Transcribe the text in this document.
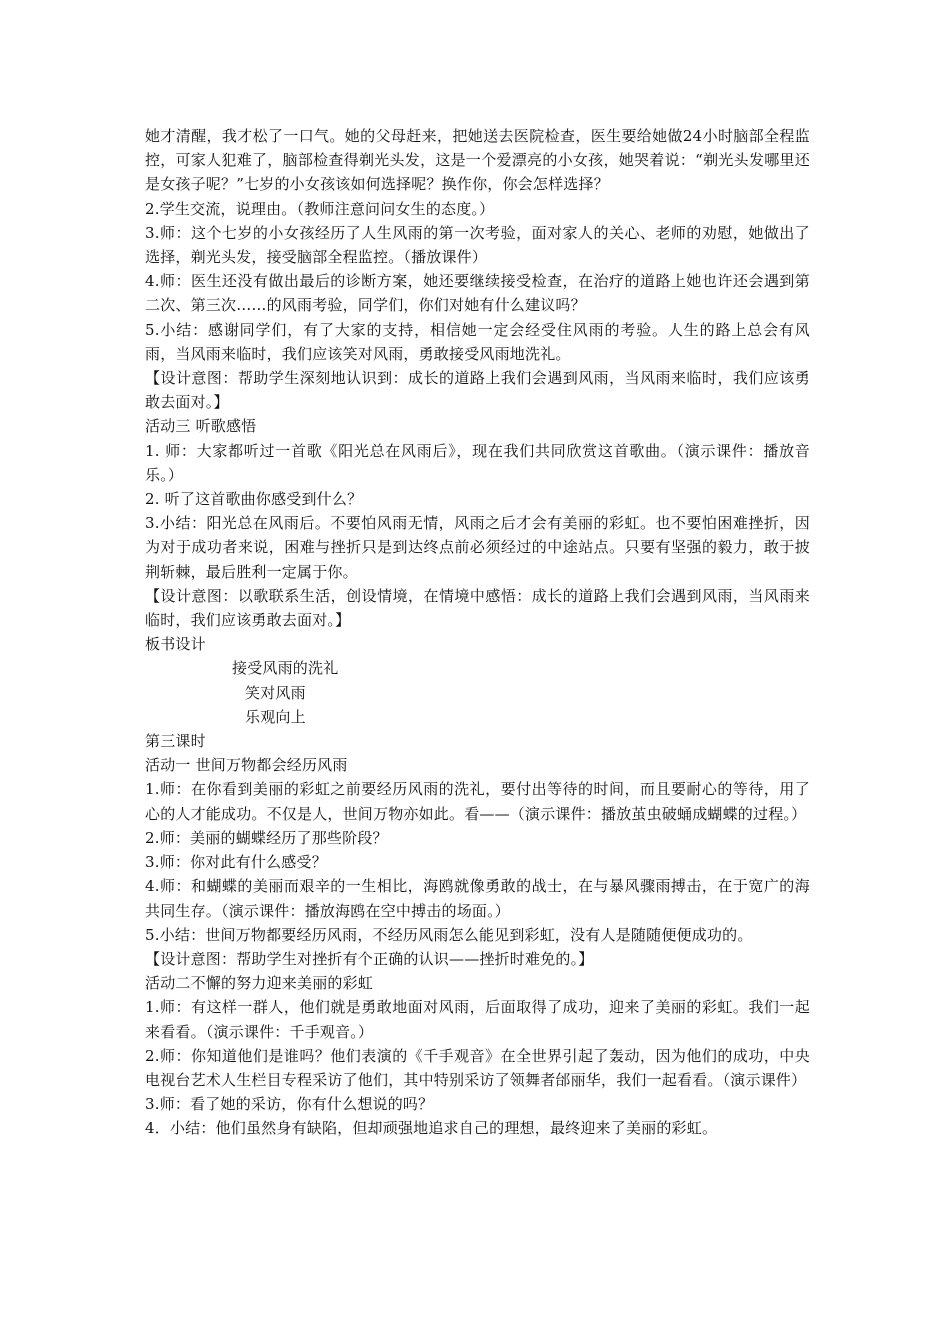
她才清醒，我才松了一口气。她的父母赶来，把她送去医院检查，医生要给她做24小时脑部全程监控，可家人犯难了，脑部检查得剃光头发，这是一个爱漂亮的小女孩，她哭着说：“剃光头发哪里还是女孩子呢？”七岁的小女孩该如何选择呢？换作你，你会怎样选择？

2.学生交流，说理由。（教师注意问问女生的态度。）

3.师：这个七岁的小女孩经历了人生风雨的第一次考验，面对家人的关心、老师的劝慰，她做出了选择，剃光头发，接受脑部全程监控。（播放课件）

4.师：医生还没有做出最后的诊断方案，她还要继续接受检查，在治疗的道路上她也许还会遇到第二次、第三次……的风雨考验，同学们，你们对她有什么建议吗？

5.小结：感谢同学们，有了大家的支持，相信她一定会经受住风雨的考验。人生的路上总会有风雨，当风雨来临时，我们应该笑对风雨，勇敢接受风雨地洗礼。

【设计意图：帮助学生深刻地认识到：成长的道路上我们会遇到风雨，当风雨来临时，我们应该勇敢去面对。】

活动三 听歌感悟

1. 师：大家都听过一首歌《阳光总在风雨后》，现在我们共同欣赏这首歌曲。（演示课件：播放音乐。）

2. 听了这首歌曲你感受到什么？

3.小结：阳光总在风雨后。不要怕风雨无情，风雨之后才会有美丽的彩虹。也不要怕困难挫折，因为对于成功者来说，困难与挫折只是到达终点前必须经过的中途站点。只要有坚强的毅力，敢于披荆斩棘，最后胜利一定属于你。

【设计意图：以歌联系生活，创设情境，在情境中感悟：成长的道路上我们会遇到风雨，当风雨来临时，我们应该勇敢去面对。】

板书设计

接受风雨的洗礼

笑对风雨

乐观向上

第三课时

活动一 世间万物都会经历风雨

1.师：在你看到美丽的彩虹之前要经历风雨的洗礼，要付出等待的时间，而且要耐心的等待，用了心的人才能成功。不仅是人，世间万物亦如此。看——（演示课件：播放茧虫破蛹成蝴蝶的过程。）

2.师：美丽的蝴蝶经历了那些阶段？

3.师：你对此有什么感受？

4.师：和蝴蝶的美丽而艰辛的一生相比，海鸥就像勇敢的战士，在与暴风骤雨搏击，在于宽广的海共同生存。（演示课件：播放海鸥在空中搏击的场面。）

5.小结：世间万物都要经历风雨，不经历风雨怎么能见到彩虹，没有人是随随便便成功的。

【设计意图：帮助学生对挫折有个正确的认识——挫折时难免的。】

活动二不懈的努力迎来美丽的彩虹

1.师：有这样一群人，他们就是勇敢地面对风雨，后面取得了成功，迎来了美丽的彩虹。我们一起来看看。（演示课件：千手观音。）

2.师：你知道他们是谁吗？他们表演的《千手观音》在全世界引起了轰动，因为他们的成功，中央电视台艺术人生栏目专程采访了他们，其中特别采访了领舞者邰丽华，我们一起看看。（演示课件）

3.师：看了她的采访，你有什么想说的吗？

4．小结：他们虽然身有缺陷，但却顽强地追求自己的理想，最终迎来了美丽的彩虹。
